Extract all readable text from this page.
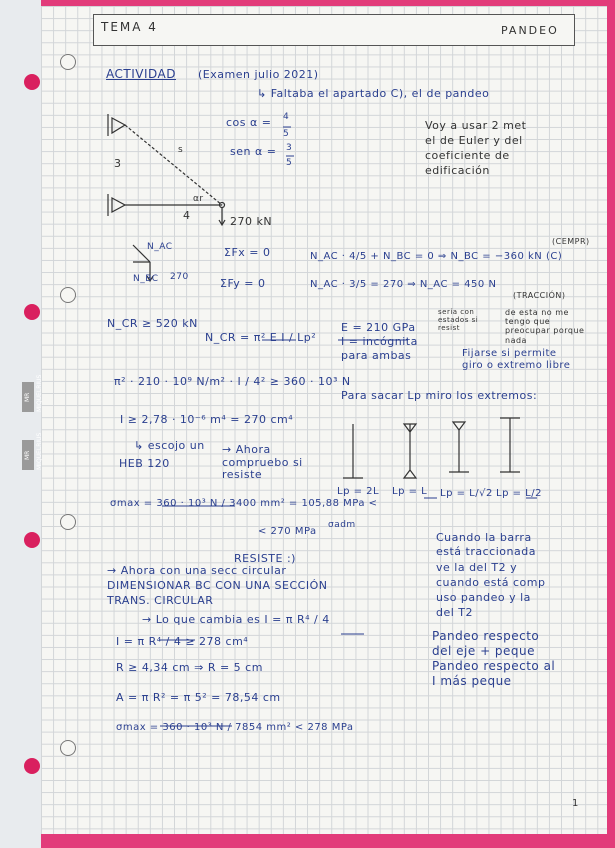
MR MIQUELRIUS
MR MIQUELRIUS
TEMA 4	PANDEO
ACTIVIDAD (Examen julio 2021)
↳ Faltaba el apartado C), el de pandeo
cos α = 4
5
sen α = 3
5
3
4
s
αr
270 kN
Voy a usar 2 met
el de Euler y del
coeficiente de
edificación
N_AC
N_BC 270
ΣFx = 0
ΣFy = 0
N_AC · 4/5 + N_BC = 0 ⇒ N_BC = −360 kN (C)
N_AC · 3/5 = 270 ⇒ N_AC = 450 N
(CEMPR)
(TRACCIÓN)
N_CR ≥ 520 kN
N_CR = π² E I / Lp²
π² · 210 · 10⁹ N/m² · I / 4² ≥ 360 · 10³ N
I ≥ 2,78 · 10⁻⁶ m⁴ = 270 cm⁴
↳ escojo un
HEB 120
→ Ahora compruebo si resiste
E = 210 GPa
I = incógnita
para ambas
sería con estados si resist
de esta no me tengo que preocupar porque nada
Fijarse si permite giro o extremo libre
Para sacar Lp miro los extremos:
Lp = 2L Lp = L Lp = L/√2 Lp = L/2
σmax = 360 · 10³ N / 3400 mm² = 105,88 MPa <
< 270 MPa
σadm
RESISTE :)
→ Ahora con una secc circular
DIMENSIONAR BC CON UNA SECCIÓN
TRANS. CIRCULAR
→ Lo que cambia es I = π R⁴ / 4
I = π R⁴ / 4 ≥ 278 cm⁴
R ≥ 4,34 cm ⇒ R = 5 cm
A = π R² = π 5² = 78,54 cm
σmax = 360 · 10³ N / 7854 mm² < 278 MPa
Cuando la barra
está traccionada
ve la del T2 y
cuando está comp
uso pandeo y la
del T2
Pandeo respecto
del eje + peque
Pandeo respecto al
I más peque
1
